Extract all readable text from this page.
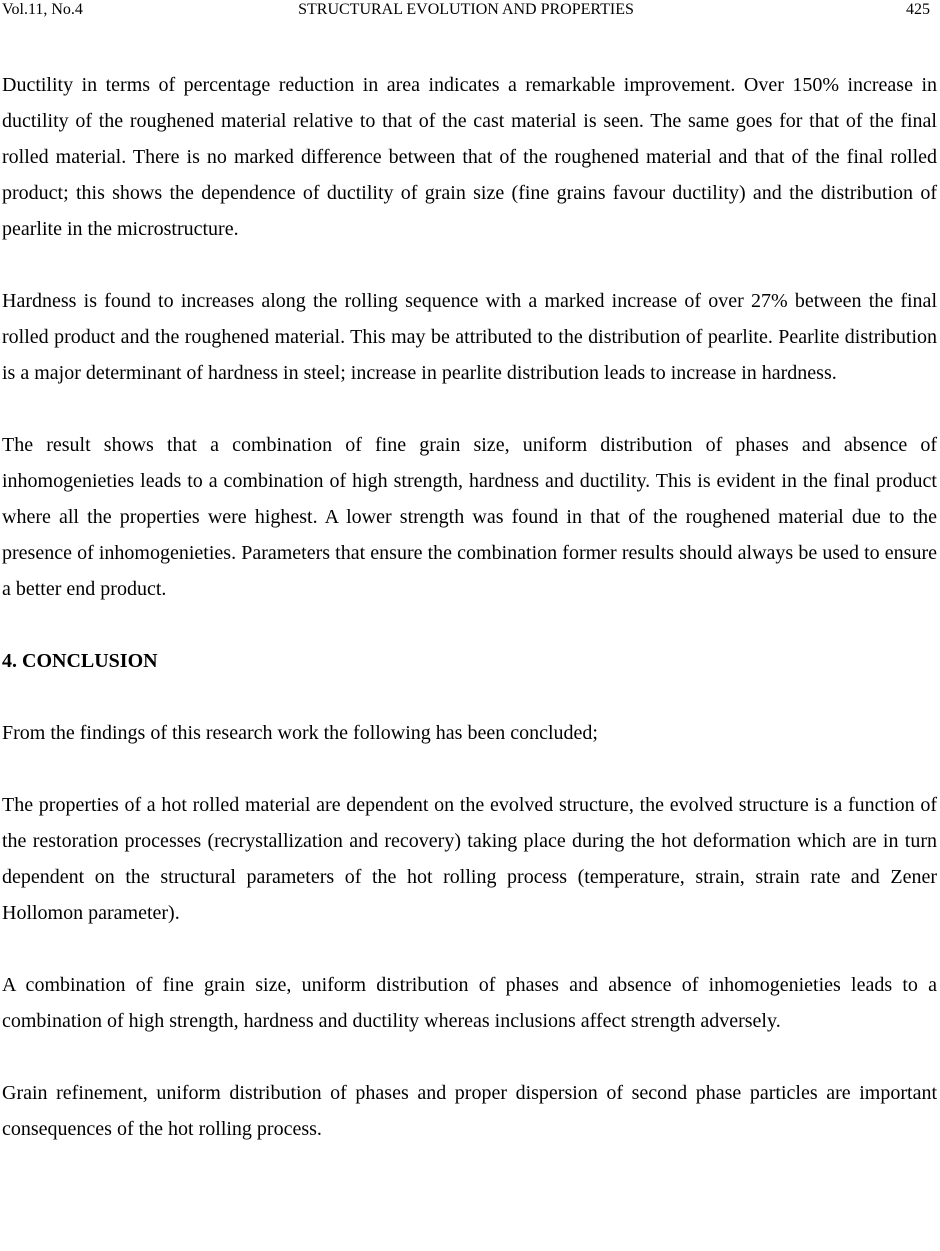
Vol.11, No.4	STRUCTURAL EVOLUTION AND PROPERTIES	425

Ductility in terms of percentage reduction in area indicates a remarkable improvement. Over 150% increase in ductility of the roughened material relative to that of the cast material is seen. The same goes for that of the final rolled material. There is no marked difference between that of the roughened material and that of the final rolled product; this shows the dependence of ductility of grain size (fine grains favour ductility) and the distribution of pearlite in the microstructure.

Hardness is found to increases along the rolling sequence with a marked increase of over 27% between the final rolled product and the roughened material. This may be attributed to the distribution of pearlite. Pearlite distribution is a major determinant of hardness in steel; increase in pearlite distribution leads to increase in hardness.

The result shows that a combination of fine grain size, uniform distribution of phases and absence of inhomogenieties leads to a combination of high strength, hardness and ductility. This is evident in the final product where all the properties were highest. A lower strength was found in that of the roughened material due to the presence of inhomogenieties. Parameters that ensure the combination former results should always be used to ensure a better end product.

4. CONCLUSION

From the findings of this research work the following has been concluded;

The properties of a hot rolled material are dependent on the evolved structure, the evolved structure is a function of the restoration processes (recrystallization and recovery) taking place during the hot deformation which are in turn dependent on the structural parameters of the hot rolling process (temperature, strain, strain rate and Zener Hollomon parameter).

A combination of fine grain size, uniform distribution of phases and absence of inhomogenieties leads to a combination of high strength, hardness and ductility whereas inclusions affect strength adversely.

Grain refinement, uniform distribution of phases and proper dispersion of second phase particles are important consequences of the hot rolling process.
